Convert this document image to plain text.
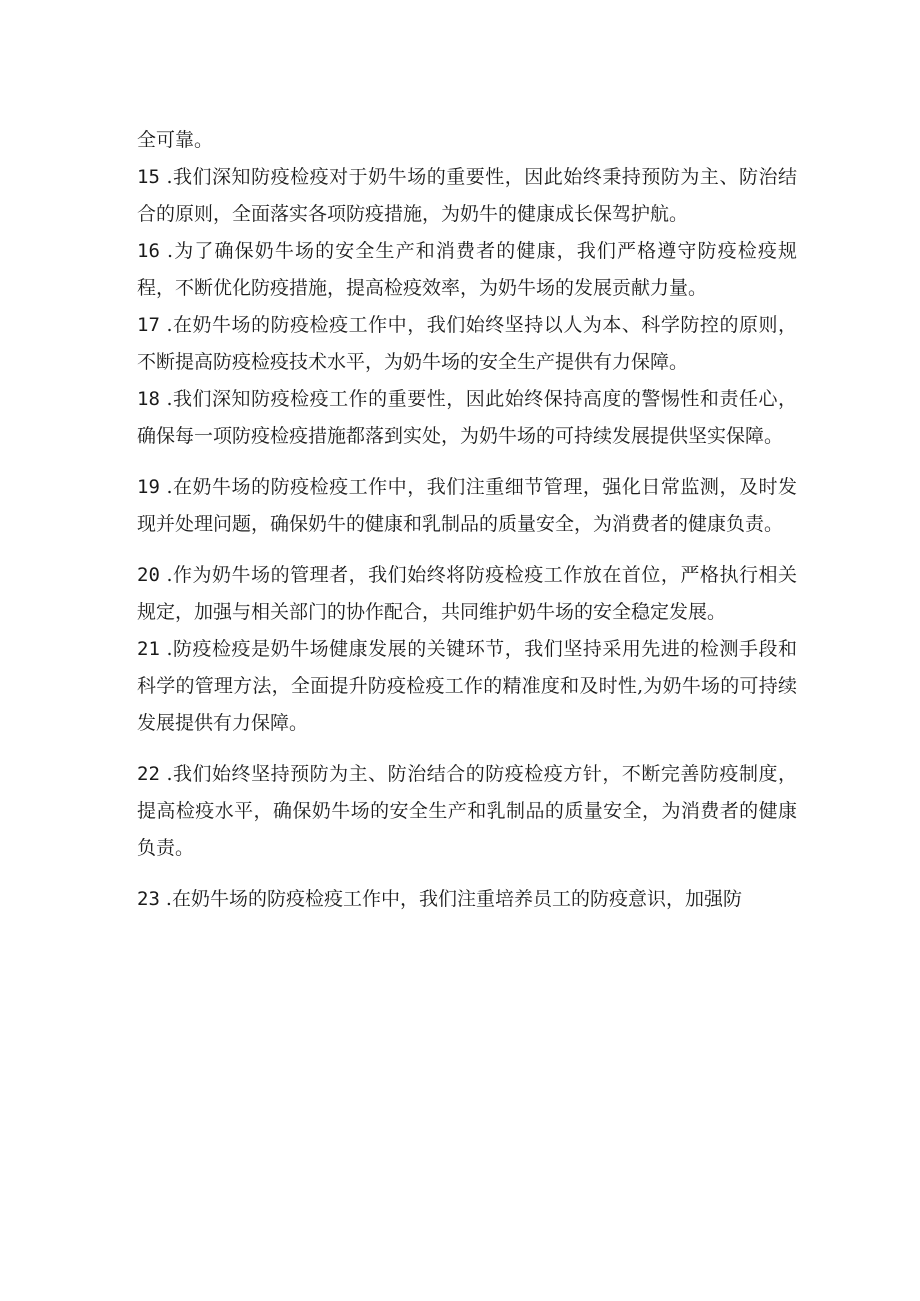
全可靠。

15 .我们深知防疫检疫对于奶牛场的重要性，因此始终秉持预防为主、防治结合的原则，全面落实各项防疫措施，为奶牛的健康成长保驾护航。

16 .为了确保奶牛场的安全生产和消费者的健康，我们严格遵守防疫检疫规程，不断优化防疫措施，提高检疫效率，为奶牛场的发展贡献力量。

17 .在奶牛场的防疫检疫工作中，我们始终坚持以人为本、科学防控的原则，不断提高防疫检疫技术水平，为奶牛场的安全生产提供有力保障。

18 .我们深知防疫检疫工作的重要性，因此始终保持高度的警惕性和责任心，确保每一项防疫检疫措施都落到实处，为奶牛场的可持续发展提供坚实保障。

19 .在奶牛场的防疫检疫工作中，我们注重细节管理，强化日常监测，及时发现并处理问题，确保奶牛的健康和乳制品的质量安全，为消费者的健康负责。

20 .作为奶牛场的管理者，我们始终将防疫检疫工作放在首位，严格执行相关规定，加强与相关部门的协作配合，共同维护奶牛场的安全稳定发展。

21 .防疫检疫是奶牛场健康发展的关键环节，我们坚持采用先进的检测手段和科学的管理方法，全面提升防疫检疫工作的精准度和及时性,为奶牛场的可持续发展提供有力保障。

22 .我们始终坚持预防为主、防治结合的防疫检疫方针，不断完善防疫制度，提高检疫水平，确保奶牛场的安全生产和乳制品的质量安全，为消费者的健康负责。

23 .在奶牛场的防疫检疫工作中，我们注重培养员工的防疫意识，加强防
